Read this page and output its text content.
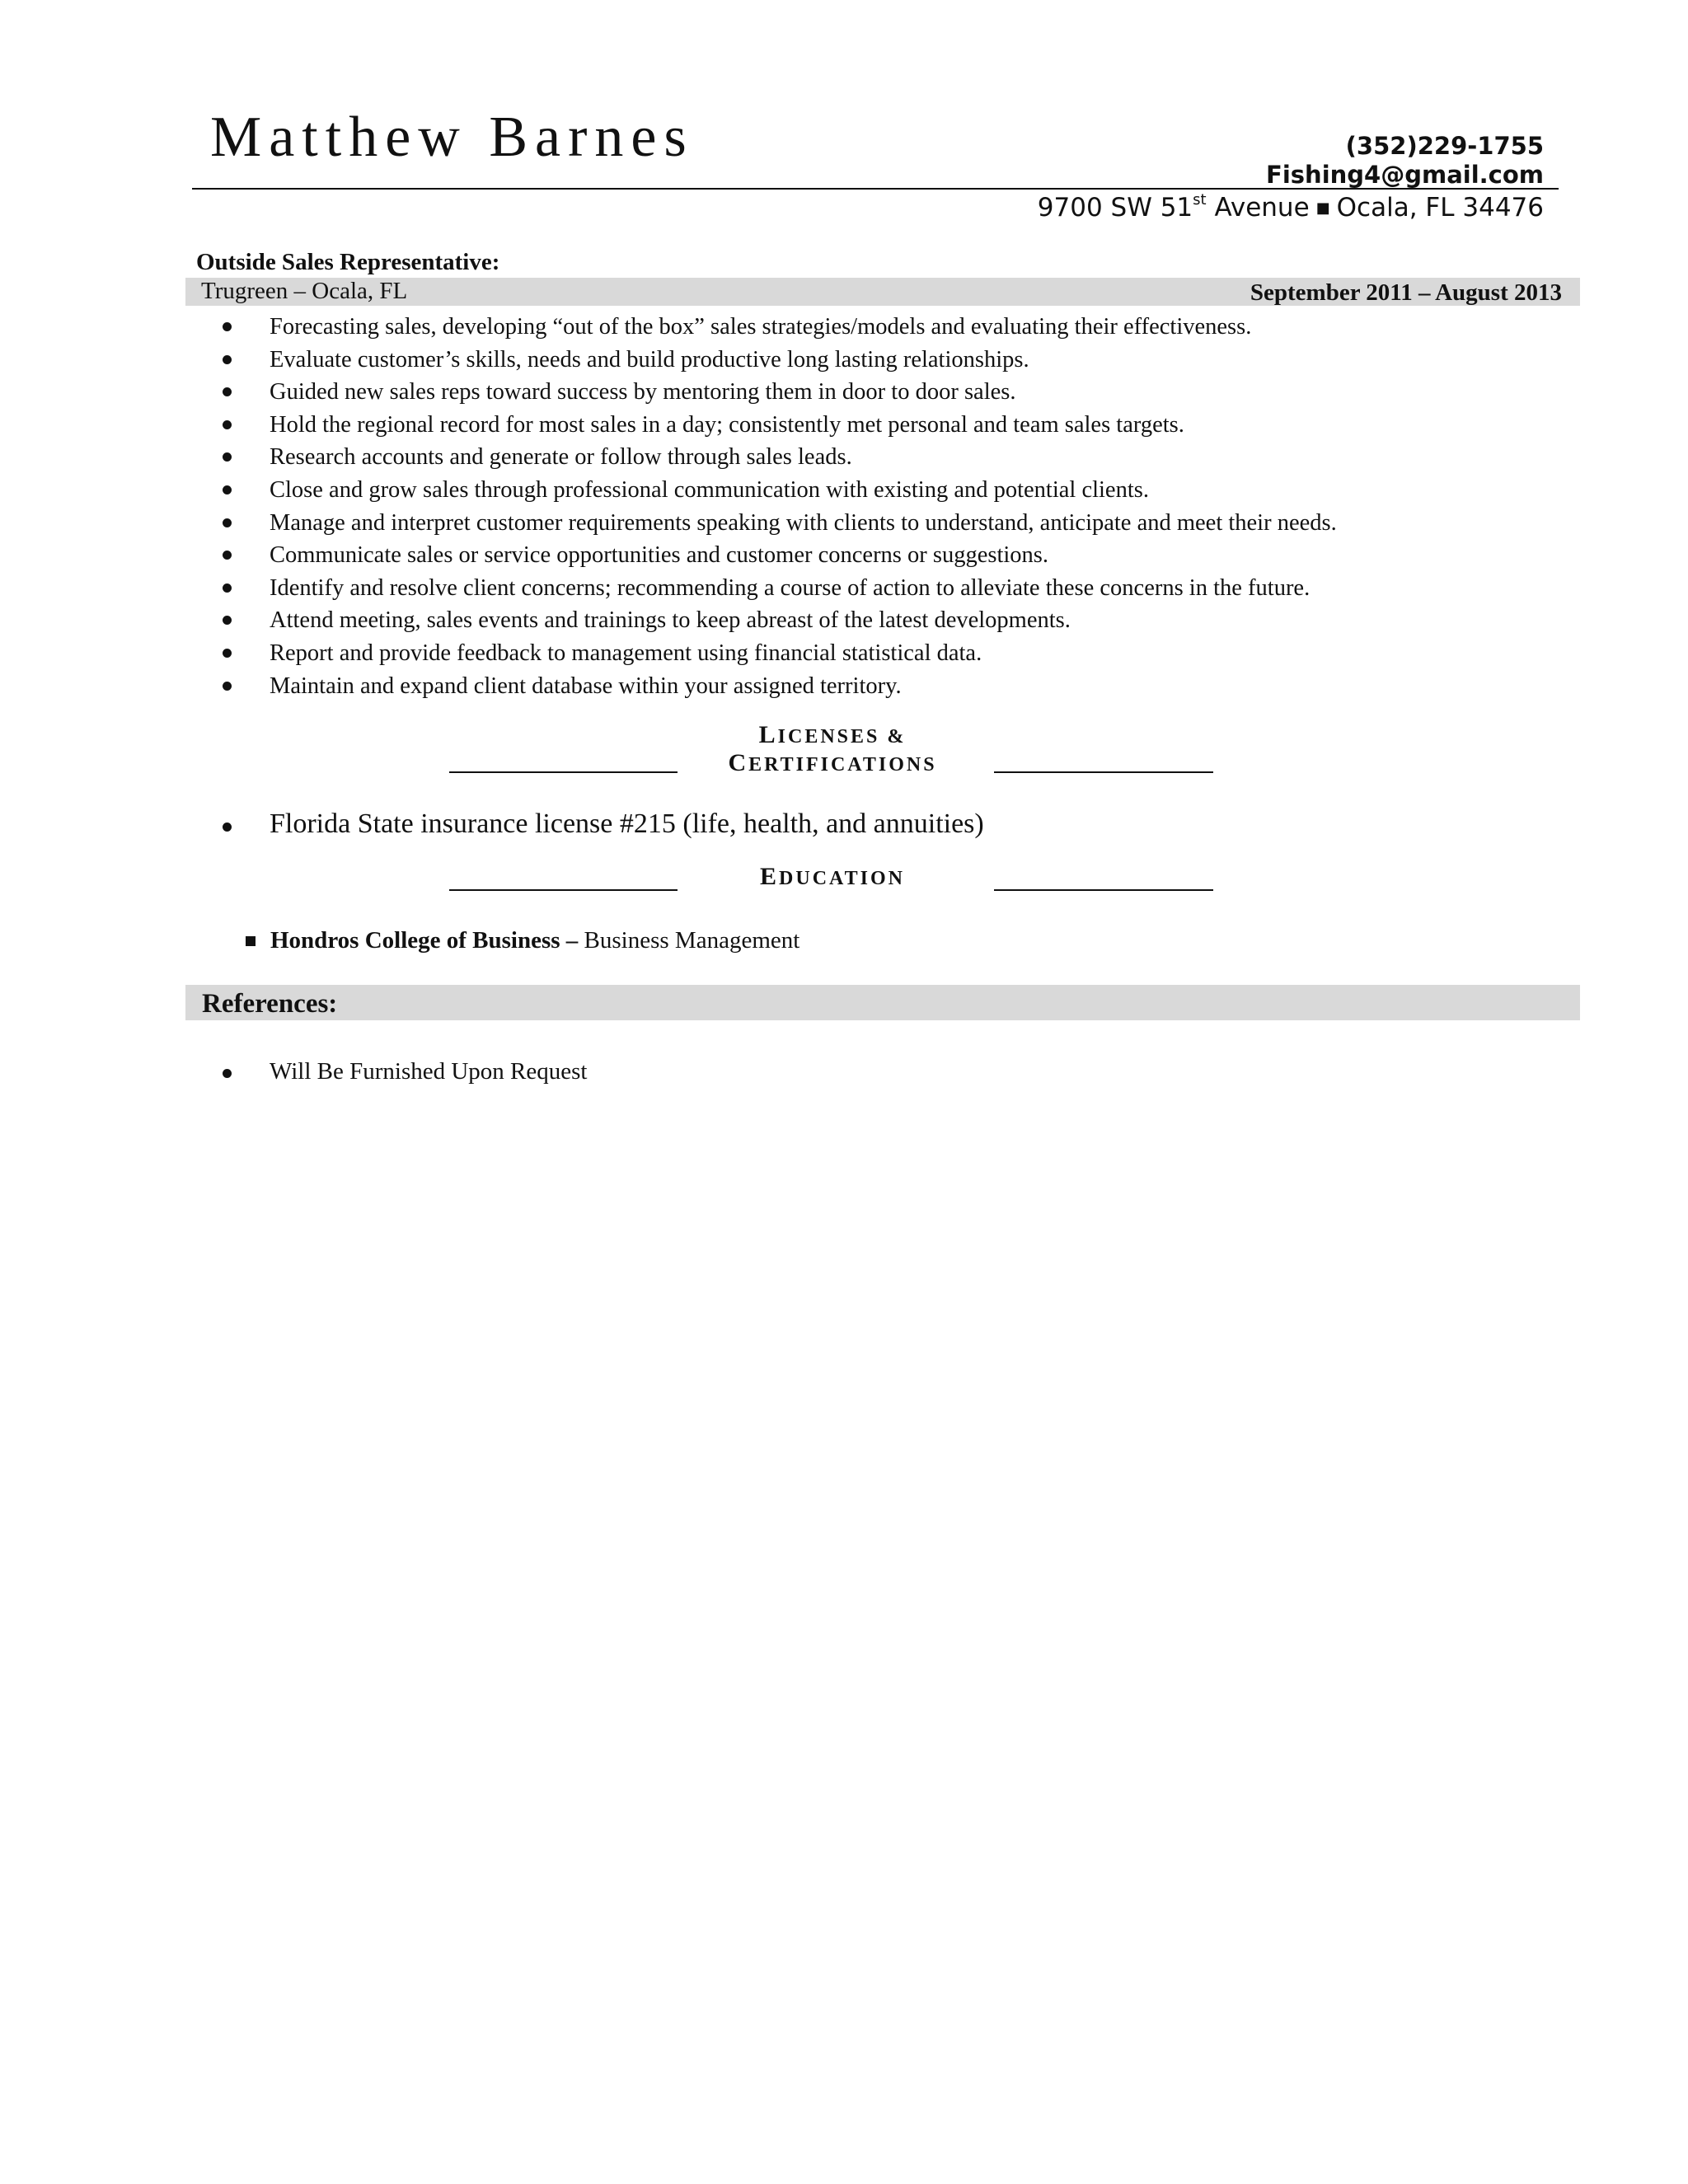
Matthew Barnes	(352)229-1755
Fishing4@gmail.com
9700 SW 51st Avenue ■ Ocala, FL 34476
Outside Sales Representative:
Trugreen – Ocala, FL	September 2011 – August 2013
Forecasting sales, developing “out of the box” sales strategies/models and evaluating their effectiveness.
Evaluate customer’s skills, needs and build productive long lasting relationships.
Guided new sales reps toward success by mentoring them in door to door sales.
Hold the regional record for most sales in a day; consistently met personal and team sales targets.
Research accounts and generate or follow through sales leads.
Close and grow sales through professional communication with existing and potential clients.
Manage and interpret customer requirements speaking with clients to understand, anticipate and meet their needs.
Communicate sales or service opportunities and customer concerns or suggestions.
Identify and resolve client concerns; recommending a course of action to alleviate these concerns in the future.
Attend meeting, sales events and trainings to keep abreast of the latest developments.
Report and provide feedback to management using financial statistical data.
Maintain and expand client database within your assigned territory.
LICENSES &
CERTIFICATIONS
Florida State insurance license #215 (life, health, and annuities)
EDUCATION
Hondros College of Business – Business Management
References:
Will Be Furnished Upon Request
